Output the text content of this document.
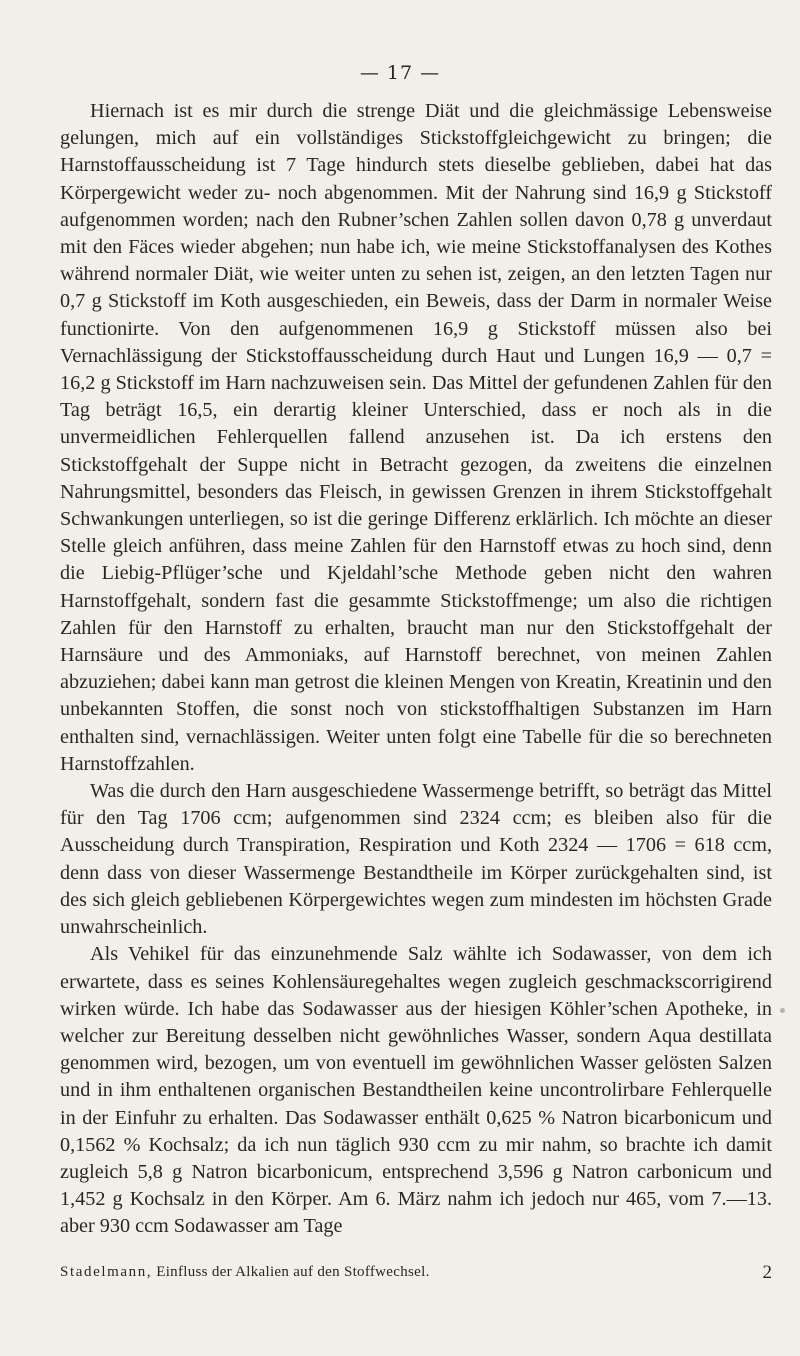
— 17 —

Hiernach ist es mir durch die strenge Diät und die gleichmässige Lebensweise gelungen, mich auf ein vollständiges Stickstoffgleichgewicht zu bringen; die Harnstoffausscheidung ist 7 Tage hindurch stets dieselbe geblieben, dabei hat das Körpergewicht weder zu- noch abgenommen. Mit der Nahrung sind 16,9 g Stickstoff aufgenommen worden; nach den Rubner’schen Zahlen sollen davon 0,78 g unverdaut mit den Fäces wieder abgehen; nun habe ich, wie meine Stickstoffanalysen des Kothes während normaler Diät, wie weiter unten zu sehen ist, zeigen, an den letzten Tagen nur 0,7 g Stickstoff im Koth ausgeschieden, ein Beweis, dass der Darm in normaler Weise functionirte. Von den aufgenommenen 16,9 g Stickstoff müssen also bei Vernachlässigung der Stickstoffausscheidung durch Haut und Lungen 16,9 — 0,7 = 16,2 g Stickstoff im Harn nachzuweisen sein. Das Mittel der gefundenen Zahlen für den Tag beträgt 16,5, ein derartig kleiner Unterschied, dass er noch als in die unvermeidlichen Fehlerquellen fallend anzusehen ist. Da ich erstens den Stickstoffgehalt der Suppe nicht in Betracht gezogen, da zweitens die einzelnen Nahrungsmittel, besonders das Fleisch, in gewissen Grenzen in ihrem Stickstoffgehalt Schwankungen unterliegen, so ist die geringe Differenz erklärlich. Ich möchte an dieser Stelle gleich anführen, dass meine Zahlen für den Harnstoff etwas zu hoch sind, denn die Liebig-Pflüger’sche und Kjeldahl’sche Methode geben nicht den wahren Harnstoffgehalt, sondern fast die gesammte Stickstoffmenge; um also die richtigen Zahlen für den Harnstoff zu erhalten, braucht man nur den Stickstoffgehalt der Harnsäure und des Ammoniaks, auf Harnstoff berechnet, von meinen Zahlen abzuziehen; dabei kann man getrost die kleinen Mengen von Kreatin, Kreatinin und den unbekannten Stoffen, die sonst noch von stickstoffhaltigen Substanzen im Harn enthalten sind, vernachlässigen. Weiter unten folgt eine Tabelle für die so berechneten Harnstoffzahlen.

Was die durch den Harn ausgeschiedene Wassermenge betrifft, so beträgt das Mittel für den Tag 1706 ccm; aufgenommen sind 2324 ccm; es bleiben also für die Ausscheidung durch Transpiration, Respiration und Koth 2324 — 1706 = 618 ccm, denn dass von dieser Wassermenge Bestandtheile im Körper zurückgehalten sind, ist des sich gleich gebliebenen Körpergewichtes wegen zum mindesten im höchsten Grade unwahrscheinlich.

Als Vehikel für das einzunehmende Salz wählte ich Sodawasser, von dem ich erwartete, dass es seines Kohlensäuregehaltes wegen zugleich geschmackscorrigirend wirken würde. Ich habe das Sodawasser aus der hiesigen Köhler’schen Apotheke, in welcher zur Bereitung desselben nicht gewöhnliches Wasser, sondern Aqua destillata genommen wird, bezogen, um von eventuell im gewöhnlichen Wasser gelösten Salzen und in ihm enthaltenen organischen Bestandtheilen keine uncontrolirbare Fehlerquelle in der Einfuhr zu erhalten. Das Sodawasser enthält 0,625 % Natron bicarbonicum und 0,1562 % Kochsalz; da ich nun täglich 930 ccm zu mir nahm, so brachte ich damit zugleich 5,8 g Natron bicarbonicum, entsprechend 3,596 g Natron carbonicum und 1,452 g Kochsalz in den Körper. Am 6. März nahm ich jedoch nur 465, vom 7.—13. aber 930 ccm Sodawasser am Tage

Stadelmann, Einfluss der Alkalien auf den Stoffwechsel.	2
